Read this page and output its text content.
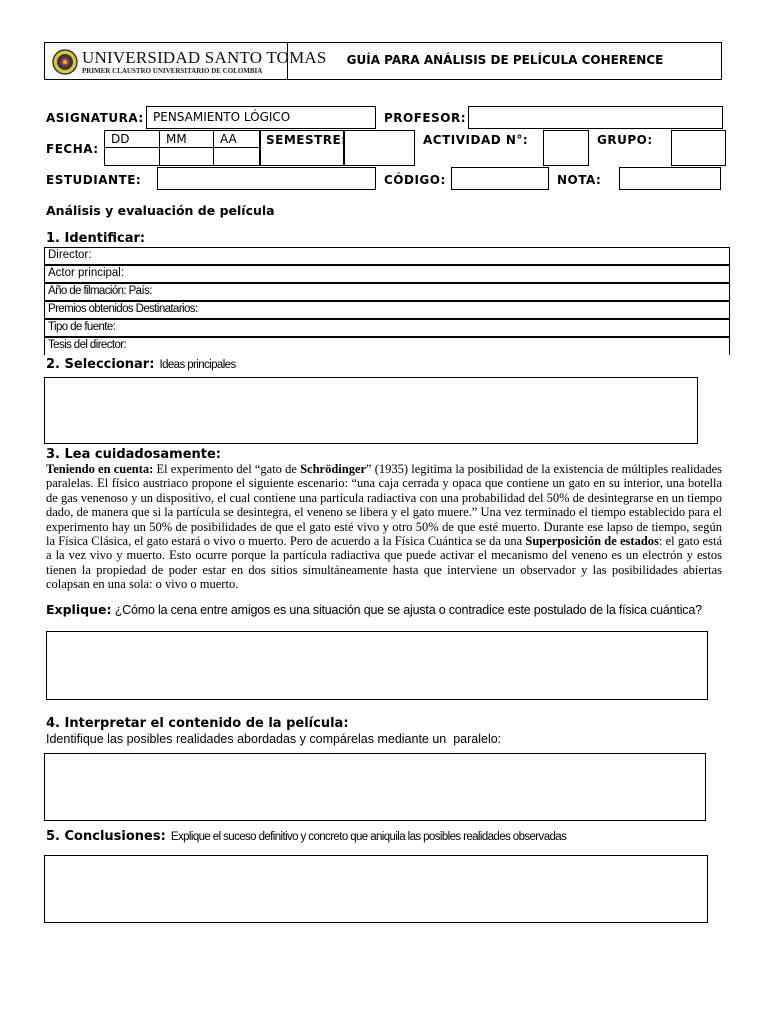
UNIVERSIDAD SANTO TOMAS
PRIMER CLAUSTRO UNIVERSITARIO DE COLOMBIA
GUÍA PARA ANÁLISIS DE PELÍCULA COHERENCE
ASIGNATURA: PENSAMIENTO LÓGICO	PROFESOR:
FECHA:
DD	MM	AA	SEMESTRE:	ACTIVIDAD N°:	GRUPO:
ESTUDIANTE:	CÓDIGO:	NOTA:
Análisis y evaluación de película
1. Identificar:
Director:
Actor principal:
Año de filmación: País:
Premios obtenidos Destinatarios:
Tipo de fuente:
Tesis del director:
2. Seleccionar: Ideas principales
3. Lea cuidadosamente:
Teniendo en cuenta: El experimento del “gato de Schrödinger” (1935) legitima la posibilidad de la existencia de múltiples realidades paralelas. El físico austriaco propone el siguiente escenario: “una caja cerrada y opaca que contiene un gato en su interior, una botella de gas venenoso y un dispositivo, el cual contiene una partícula radiactiva con una probabilidad del 50% de desintegrarse en un tiempo dado, de manera que si la partícula se desintegra, el veneno se libera y el gato muere.” Una vez terminado el tiempo establecido para el experimento hay un 50% de posibilidades de que el gato esté vivo y otro 50% de que esté muerto. Durante ese lapso de tiempo, según la Física Clásica, el gato estará o vivo o muerto. Pero de acuerdo a la Física Cuántica se da una Superposición de estados: el gato está a la vez vivo y muerto. Esto ocurre porque la partícula radiactiva que puede activar el mecanismo del veneno es un electrón y estos tienen la propiedad de poder estar en dos sitios simultáneamente hasta que interviene un observador y las posibilidades abiertas colapsan en una sola: o vivo o muerto.
Explique: ¿Cómo la cena entre amigos es una situación que se ajusta o contradice este postulado de la física cuántica?
4. Interpretar el contenido de la película:
Identifique las posibles realidades abordadas y compárelas mediante un  paralelo:
5. Conclusiones: Explique el suceso definitivo y concreto que aniquila las posibles realidades observadas
